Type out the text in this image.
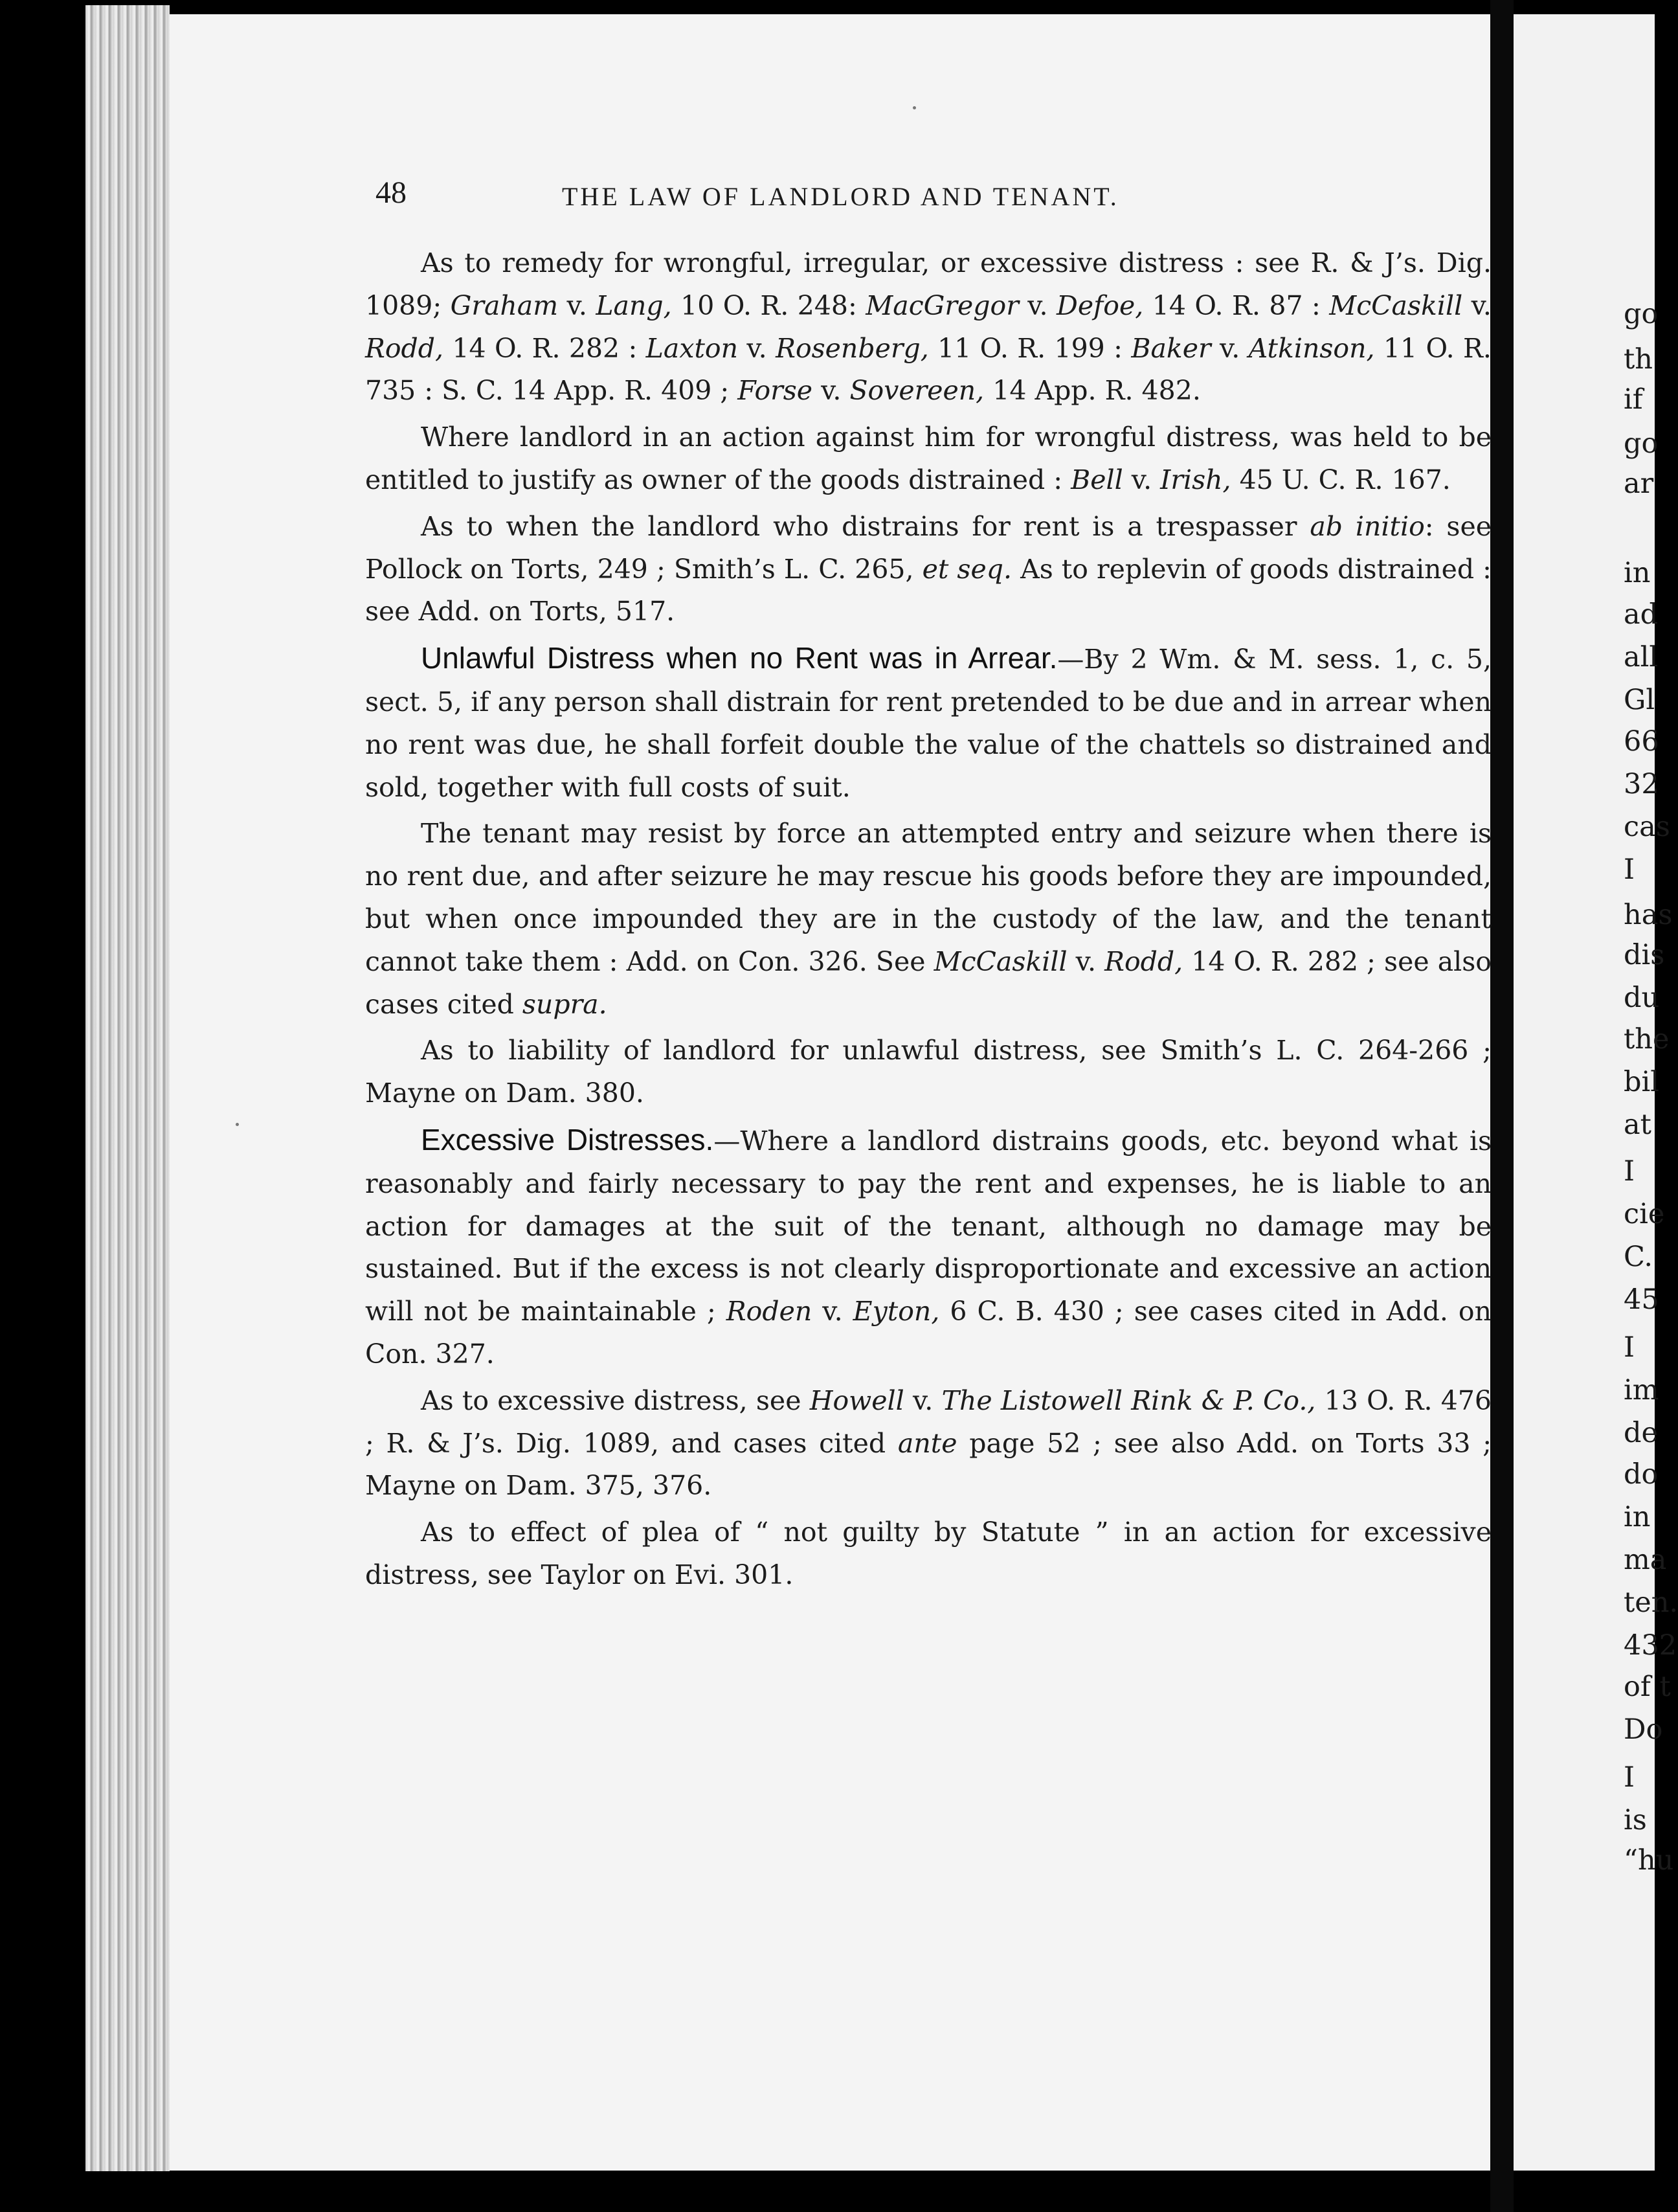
go
th
if
go
ar
in
ad
all
Gl
66
32
cas
I
has
dis
du
the
bil
at
I
cie
C.
45
I
im
de
do
in
ma
ten.
432
of t
Do
I
is
“hu
48	THE LAW OF LANDLORD AND TENANT.

As to remedy for wrongful, irregular, or excessive distress : see R. & J’s. Dig. 1089; Graham v. Lang, 10 O. R. 248: MacGregor v. Defoe, 14 O. R. 87 : McCaskill v. Rodd, 14 O. R. 282 : Laxton v. Rosenberg, 11 O. R. 199 : Baker v. Atkinson, 11 O. R. 735 : S. C. 14 App. R. 409 ; Forse v. Sovereen, 14 App. R. 482.

Where landlord in an action against him for wrongful distress, was held to be entitled to justify as owner of the goods distrained : Bell v. Irish, 45 U. C. R. 167.

As to when the landlord who distrains for rent is a trespasser ab initio: see Pollock on Torts, 249 ; Smith’s L. C. 265, et seq. As to replevin of goods distrained : see Add. on Torts, 517.

Unlawful Distress when no Rent was in Arrear.—By 2 Wm. & M. sess. 1, c. 5, sect. 5, if any person shall distrain for rent pretended to be due and in arrear when no rent was due, he shall forfeit double the value of the chattels so distrained and sold, together with full costs of suit.

The tenant may resist by force an attempted entry and seizure when there is no rent due, and after seizure he may rescue his goods before they are impounded, but when once impounded they are in the custody of the law, and the tenant cannot take them : Add. on Con. 326. See McCaskill v. Rodd, 14 O. R. 282 ; see also cases cited supra.

As to liability of landlord for unlawful distress, see Smith’s L. C. 264-266 ; Mayne on Dam. 380.

Excessive Distresses.—Where a landlord distrains goods, etc. beyond what is reasonably and fairly necessary to pay the rent and expenses, he is liable to an action for damages at the suit of the tenant, although no damage may be sustained. But if the excess is not clearly disproportionate and excessive an action will not be maintainable ; Roden v. Eyton, 6 C. B. 430 ; see cases cited in Add. on Con. 327.

As to excessive distress, see Howell v. The Listowell Rink & P. Co., 13 O. R. 476 ; R. & J’s. Dig. 1089, and cases cited ante page 52 ; see also Add. on Torts 33 ; Mayne on Dam. 375, 376.

As to effect of plea of “ not guilty by Statute ” in an action for excessive distress, see Taylor on Evi. 301.
